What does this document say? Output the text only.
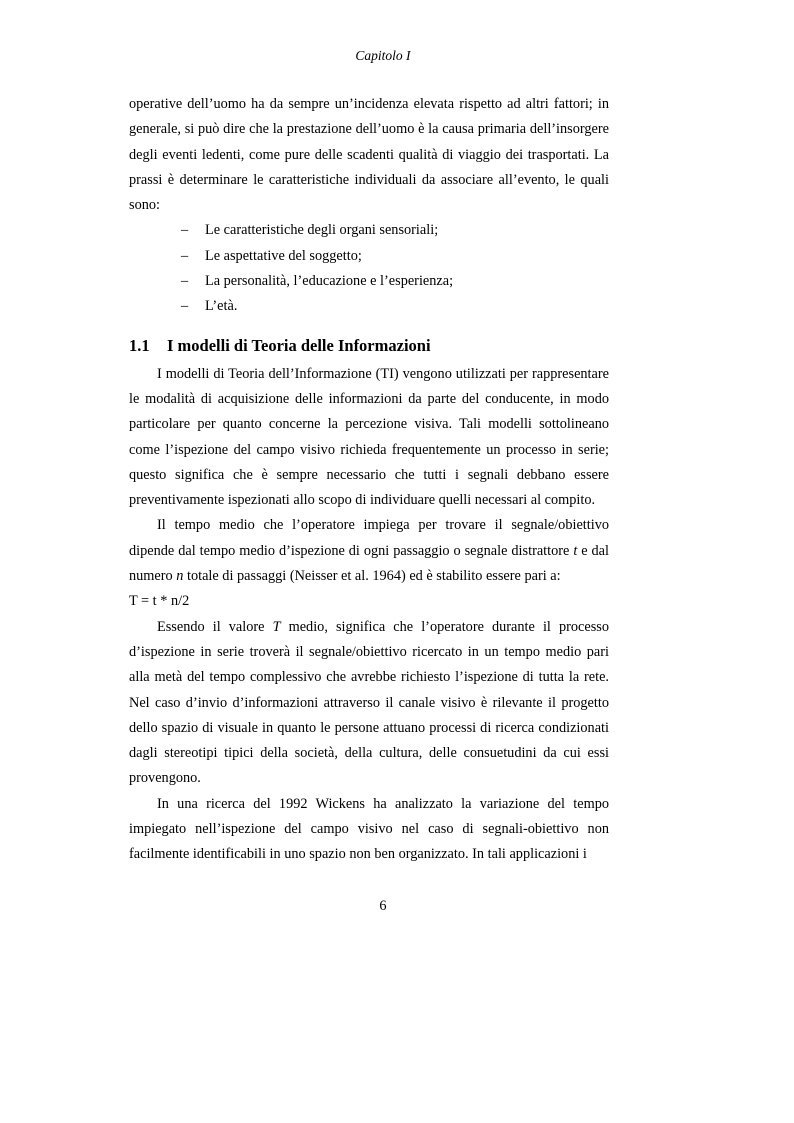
Capitolo I

operative dell’uomo ha da sempre un’incidenza elevata rispetto ad altri fattori; in generale, si può dire che la prestazione dell’uomo è la causa primaria dell’insorgere degli eventi ledenti, come pure delle scadenti qualità di viaggio dei trasportati. La prassi è determinare le caratteristiche individuali da associare all’evento, le quali sono:

– Le caratteristiche degli organi sensoriali;
– Le aspettative del soggetto;
– La personalità, l’educazione e l’esperienza;
– L’età.
1.1 I modelli di Teoria delle Informazioni

I modelli di Teoria dell’Informazione (TI) vengono utilizzati per rappresentare le modalità di acquisizione delle informazioni da parte del conducente, in modo particolare per quanto concerne la percezione visiva. Tali modelli sottolineano come l’ispezione del campo visivo richieda frequentemente un processo in serie; questo significa che è sempre necessario che tutti i segnali debbano essere preventivamente ispezionati allo scopo di individuare quelli necessari al compito.

Il tempo medio che l’operatore impiega per trovare il segnale/obiettivo dipende dal tempo medio d’ispezione di ogni passaggio o segnale distrattore t e dal numero n totale di passaggi (Neisser et al. 1964) ed è stabilito essere pari a:

T = t * n/2

Essendo il valore T medio, significa che l’operatore durante il processo d’ispezione in serie troverà il segnale/obiettivo ricercato in un tempo medio pari alla metà del tempo complessivo che avrebbe richiesto l’ispezione di tutta la rete. Nel caso d’invio d’informazioni attraverso il canale visivo è rilevante il progetto dello spazio di visuale in quanto le persone attuano processi di ricerca condizionati dagli stereotipi tipici della società, della cultura, delle consuetudini da cui essi provengono.

In una ricerca del 1992 Wickens ha analizzato la variazione del tempo impiegato nell’ispezione del campo visivo nel caso di segnali-obiettivo non facilmente identificabili in uno spazio non ben organizzato. In tali applicazioni i

6
